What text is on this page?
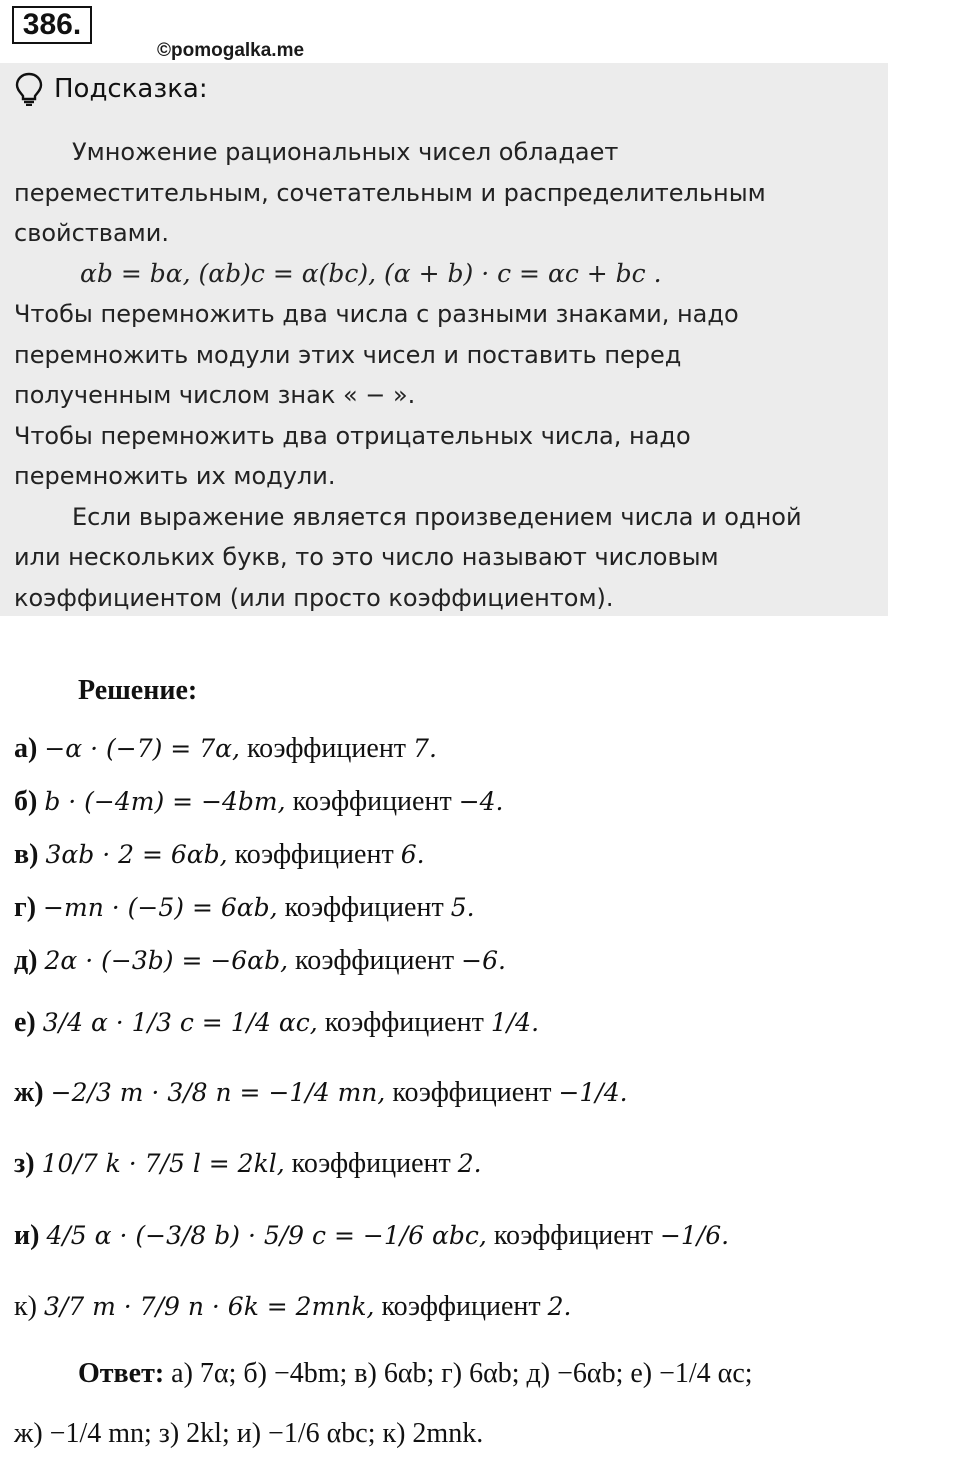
386.
©pomogalka.me
Подсказка:
Умножение рациональных чисел обладает
переместительным, сочетательным и распределительным
свойствами.
αb = bα, (αb)c = α(bc), (α + b) · c = αc + bc .
Чтобы перемножить два числа с разными знаками, надо
перемножить модули этих чисел и поставить перед
полученным числом знак « − ».
Чтобы перемножить два отрицательных числа, надо
перемножить их модули.
Если выражение является произведением числа и одной
или нескольких букв, то это число называют числовым
коэффициентом (или просто коэффициентом).
Решение:
а) −α · (−7) = 7α, коэффициент 7.
б) b · (−4m) = −4bm, коэффициент −4.
в) 3αb · 2 = 6αb, коэффициент 6.
г) −mn · (−5) = 6αb, коэффициент 5.
д) 2α · (−3b) = −6αb, коэффициент −6.
е) 3/4 α · 1/3 c = 1/4 αc, коэффициент 1/4.
ж) −2/3 m · 3/8 n = −1/4 mn, коэффициент −1/4.
з) 10/7 k · 7/5 l = 2kl, коэффициент 2.
и) 4/5 α · (−3/8 b) · 5/9 c = −1/6 αbc, коэффициент −1/6.
к) 3/7 m · 7/9 n · 6k = 2mnk, коэффициент 2.
Ответ: а) 7α; б) −4bm; в) 6αb; г) 6αb; д) −6αb; е) −1/4 αc;
ж) −1/4 mn; з) 2kl; и) −1/6 αbc; к) 2mnk.
